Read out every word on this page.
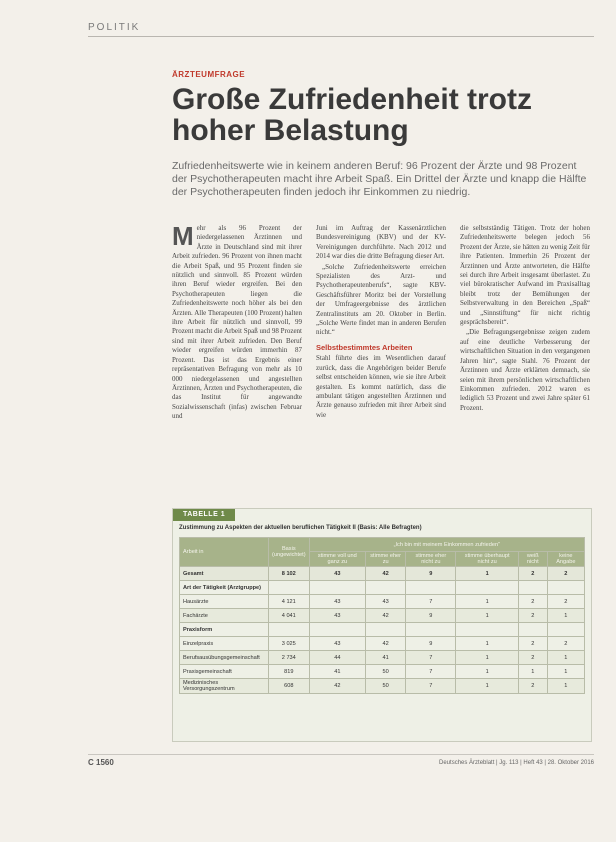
POLITIK
ÄRZTEUMFRAGE
Große Zufriedenheit trotz hoher Belastung
Zufriedenheitswerte wie in keinem anderen Beruf: 96 Prozent der Ärzte und 98 Prozent der Psychotherapeuten macht ihre Arbeit Spaß. Ein Drittel der Ärzte und knapp die Hälfte der Psychotherapeuten finden jedoch ihr Einkommen zu niedrig.

Mehr als 96 Prozent der niedergelassenen Ärztinnen und Ärzte in Deutschland sind mit ihrer Arbeit zufrieden. 96 Prozent von ihnen macht die Arbeit Spaß, und 95 Prozent finden sie nützlich und sinnvoll. 85 Prozent würden ihren Beruf wieder ergreifen. Bei den Psychotherapeuten liegen die Zufriedenheitswerte noch höher als bei den Ärzten. Alle Therapeuten (100 Prozent) halten ihre Arbeit für nützlich und sinnvoll, 99 Prozent macht die Arbeit Spaß und 98 Prozent sind mit ihrer Arbeit zufrieden. Den Beruf wieder ergreifen würden immerhin 87 Prozent. Das ist das Ergebnis einer repräsentativen Befragung von mehr als 10 000 niedergelassenen und angestellten Ärztinnen, Ärzten und Psychotherapeuten, die das Institut für angewandte Sozialwissenschaft (infas) zwischen Februar und

Juni im Auftrag der Kassenärztlichen Bundesvereinigung (KBV) und der KV-Vereinigungen durchführte. Nach 2012 und 2014 war dies die dritte Befragung dieser Art.

„Solche Zufriedenheitswerte erreichen Spezialisten des Arzt- und Psychotherapeutenberufs“, sagte KBV-Geschäftsführer Moritz bei der Vorstellung der Umfrageergebnisse des ärztlichen Zentralinstituts am 20. Oktober in Berlin. „Solche Werte findet man in anderen Berufen nicht.“

Selbstbestimmtes Arbeiten

Stahl führte dies im Wesentlichen darauf zurück, dass die Angehörigen beider Berufe selbst entscheiden können, wie sie ihre Arbeit gestalten. Es kommt natürlich, dass die ambulant tätigen angestellten Ärztinnen und Ärzte genauso zufrieden mit ihrer Arbeit sind wie

die selbstständig Tätigen. Trotz der hohen Zufriedenheitswerte belegen jedoch 56 Prozent der Ärzte, sie hätten zu wenig Zeit für ihre Patienten. Immerhin 26 Prozent der Ärztinnen und Ärzte antworteten, die Hälfte sei durch ihre Arbeit insgesamt überlastet. Zu viel bürokratischer Aufwand im Praxisalltag bleibt trotz der Bemühungen der Selbstverwaltung in den Bereichen „Spaß“ und „Sinnstiftung“ für nicht richtig gesprächsbereit“.

„Die Befragungsergebnisse zeigen zudem auf eine deutliche Verbesserung der wirtschaftlichen Situation in den vergangenen Jahren hin“, sagte Stahl. 76 Prozent der Ärztinnen und Ärzte erklärten demnach, sie seien mit ihrem persönlichen wirtschaftlichen Einkommen zufrieden. 2012 waren es lediglich 53 Prozent und zwei Jahre später 61 Prozent.

TABELLE 1
Zustimmung zu Aspekten der aktuellen beruflichen Tätigkeit II (Basis: Alle Befragten)
Arbeit in	Basis (ungewichtet)	„Ich bin mit meinem Einkommen zufrieden“					
		stimme voll und ganz zu	stimme eher zu	stimme eher nicht zu	stimme überhaupt nicht zu	weiß nicht	keine Angabe
Gesamt	8 102	43	42	9	1	2	2
Art der Tätigkeit (Arztgruppe)							
Hausärzte	4 121	43	43	7	1	2	2
Fachärzte	4 041	43	42	9	1	2	1
Praxisform							
Einzelpraxis	3 025	43	42	9	1	2	2
Berufsausübungsgemeinschaft	2 734	44	41	7	1	2	1
Praxisgemeinschaft	819	41	50	7	1	1	1
Medizinisches Versorgungszentrum	608	42	50	7	1	2	1
C 1560	Deutsches Ärzteblatt | Jg. 113 | Heft 43 | 28. Oktober 2016
